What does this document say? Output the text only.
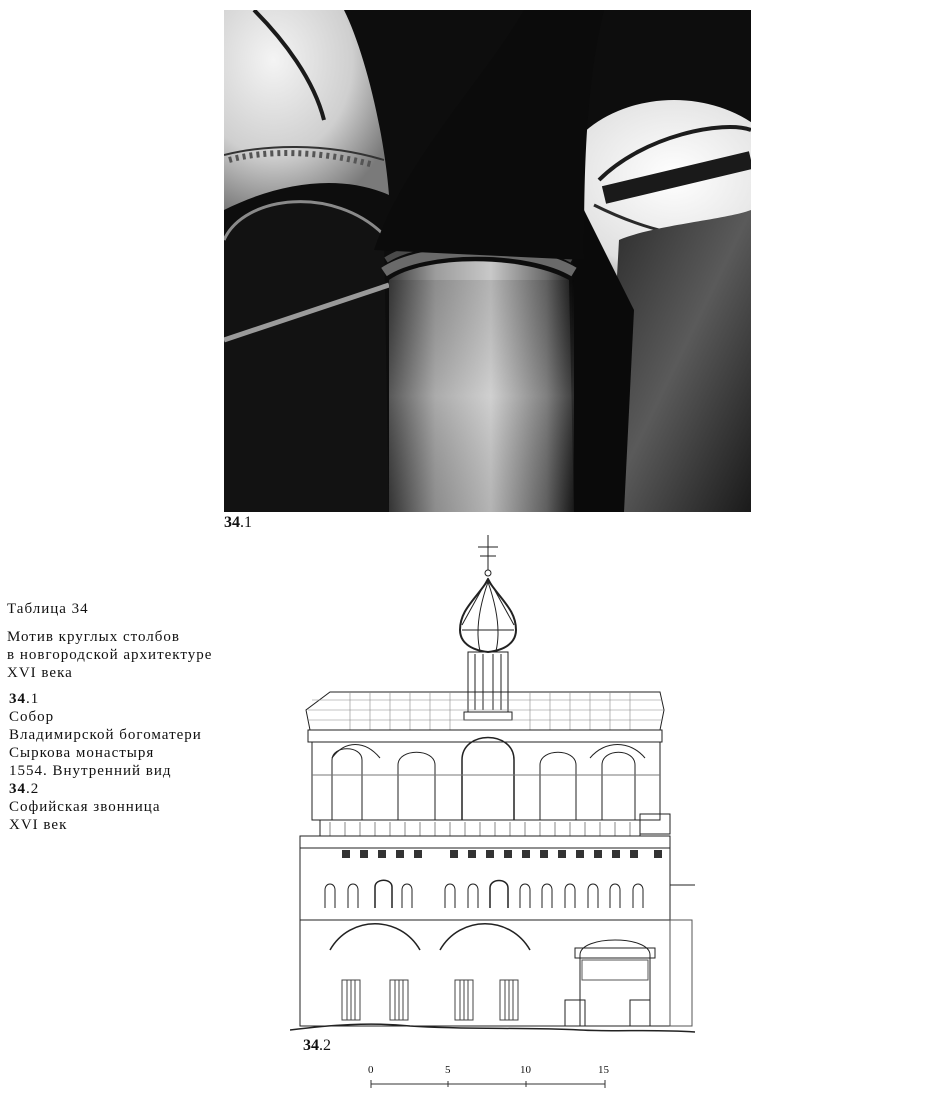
34.1
Таблица 34
Мотив круглых столбов
в новгородской архитектуре
XVI века
34.1
Собор
Владимирской богоматери
Сыркова монастыря
1554. Внутренний вид
34.2
Софийская звонница
XVI век
34.2
0	5	10	15
